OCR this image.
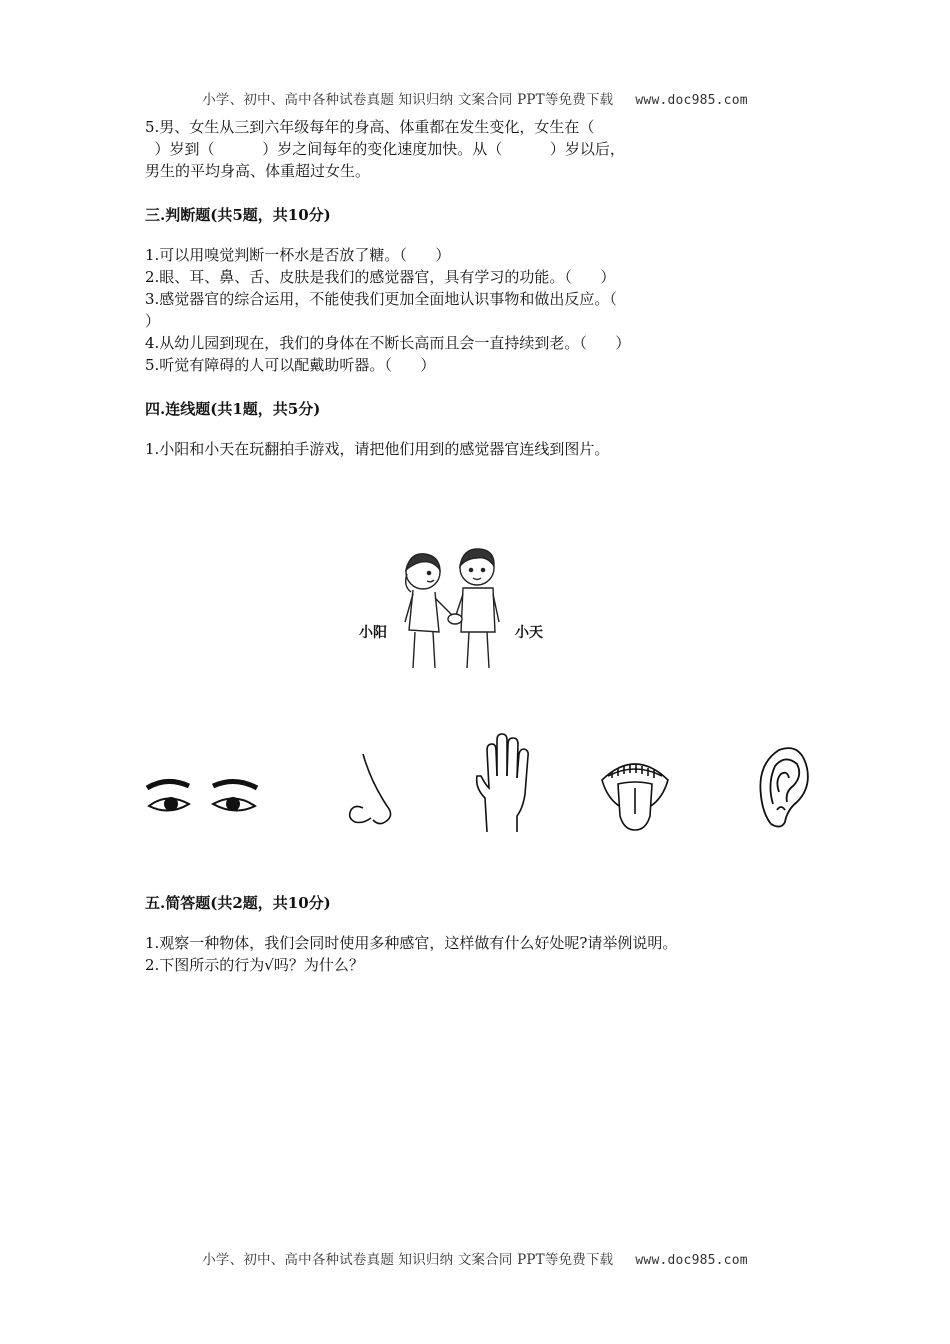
小学、初中、高中各种试卷真题 知识归纳 文案合同 PPT等免费下载 www.doc985.com
5.男、女生从三到六年级每年的身高、体重都在发生变化，女生在（
）岁到（          ）岁之间每年的变化速度加快。从（          ）岁以后，
男生的平均身高、体重超过女生。
三.判断题(共5题，共10分)
1.可以用嗅觉判断一杯水是否放了糖。（      ）
2.眼、耳、鼻、舌、皮肤是我们的感觉器官，具有学习的功能。（      ）
3.感觉器官的综合运用，不能使我们更加全面地认识事物和做出反应。（
）
4.从幼儿园到现在，我们的身体在不断长高而且会一直持续到老。（      ）
5.听觉有障碍的人可以配戴助听器。（      ）
四.连线题(共1题，共5分)
1.小阳和小天在玩翻拍手游戏，请把他们用到的感觉器官连线到图片。
小阳	小天
五.简答题(共2题，共10分)
1.观察一种物体，我们会同时使用多种感官，这样做有什么好处呢?请举例说明。
2.下图所示的行为√吗？为什么？
小学、初中、高中各种试卷真题 知识归纳 文案合同 PPT等免费下载 www.doc985.com
